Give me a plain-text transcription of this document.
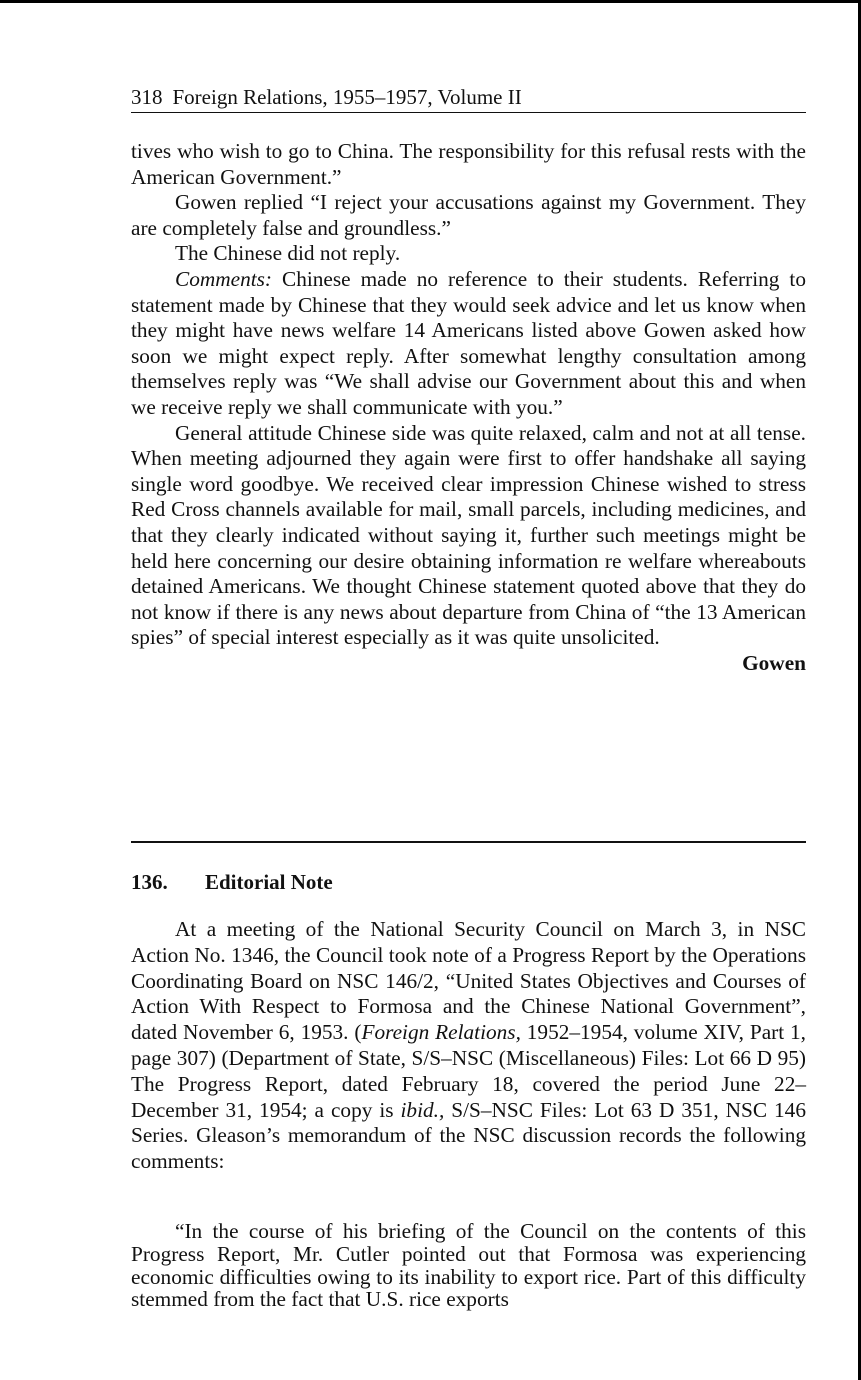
318 Foreign Relations, 1955–1957, Volume II

tives who wish to go to China. The responsibility for this refusal rests with the American Government.”

Gowen replied “I reject your accusations against my Government. They are completely false and groundless.”

The Chinese did not reply.

Comments: Chinese made no reference to their students. Referring to statement made by Chinese that they would seek advice and let us know when they might have news welfare 14 Americans listed above Gowen asked how soon we might expect reply. After somewhat lengthy consultation among themselves reply was “We shall advise our Government about this and when we receive reply we shall communicate with you.”

General attitude Chinese side was quite relaxed, calm and not at all tense. When meeting adjourned they again were first to offer handshake all saying single word goodbye. We received clear impression Chinese wished to stress Red Cross channels available for mail, small parcels, including medicines, and that they clearly indicated without saying it, further such meetings might be held here concerning our desire obtaining information re welfare whereabouts detained Americans. We thought Chinese statement quoted above that they do not know if there is any news about departure from China of “the 13 American spies” of special interest especially as it was quite unsolicited.

Gowen

136. Editorial Note

At a meeting of the National Security Council on March 3, in NSC Action No. 1346, the Council took note of a Progress Report by the Operations Coordinating Board on NSC 146/2, “United States Objectives and Courses of Action With Respect to Formosa and the Chinese National Government”, dated November 6, 1953. (Foreign Relations, 1952–1954, volume XIV, Part 1, page 307) (Department of State, S/S–NSC (Miscellaneous) Files: Lot 66 D 95) The Progress Report, dated February 18, covered the period June 22–December 31, 1954; a copy is ibid., S/S–NSC Files: Lot 63 D 351, NSC 146 Series. Gleason’s memorandum of the NSC discussion records the following comments:

“In the course of his briefing of the Council on the contents of this Progress Report, Mr. Cutler pointed out that Formosa was experiencing economic difficulties owing to its inability to export rice. Part of this difficulty stemmed from the fact that U.S. rice exports
